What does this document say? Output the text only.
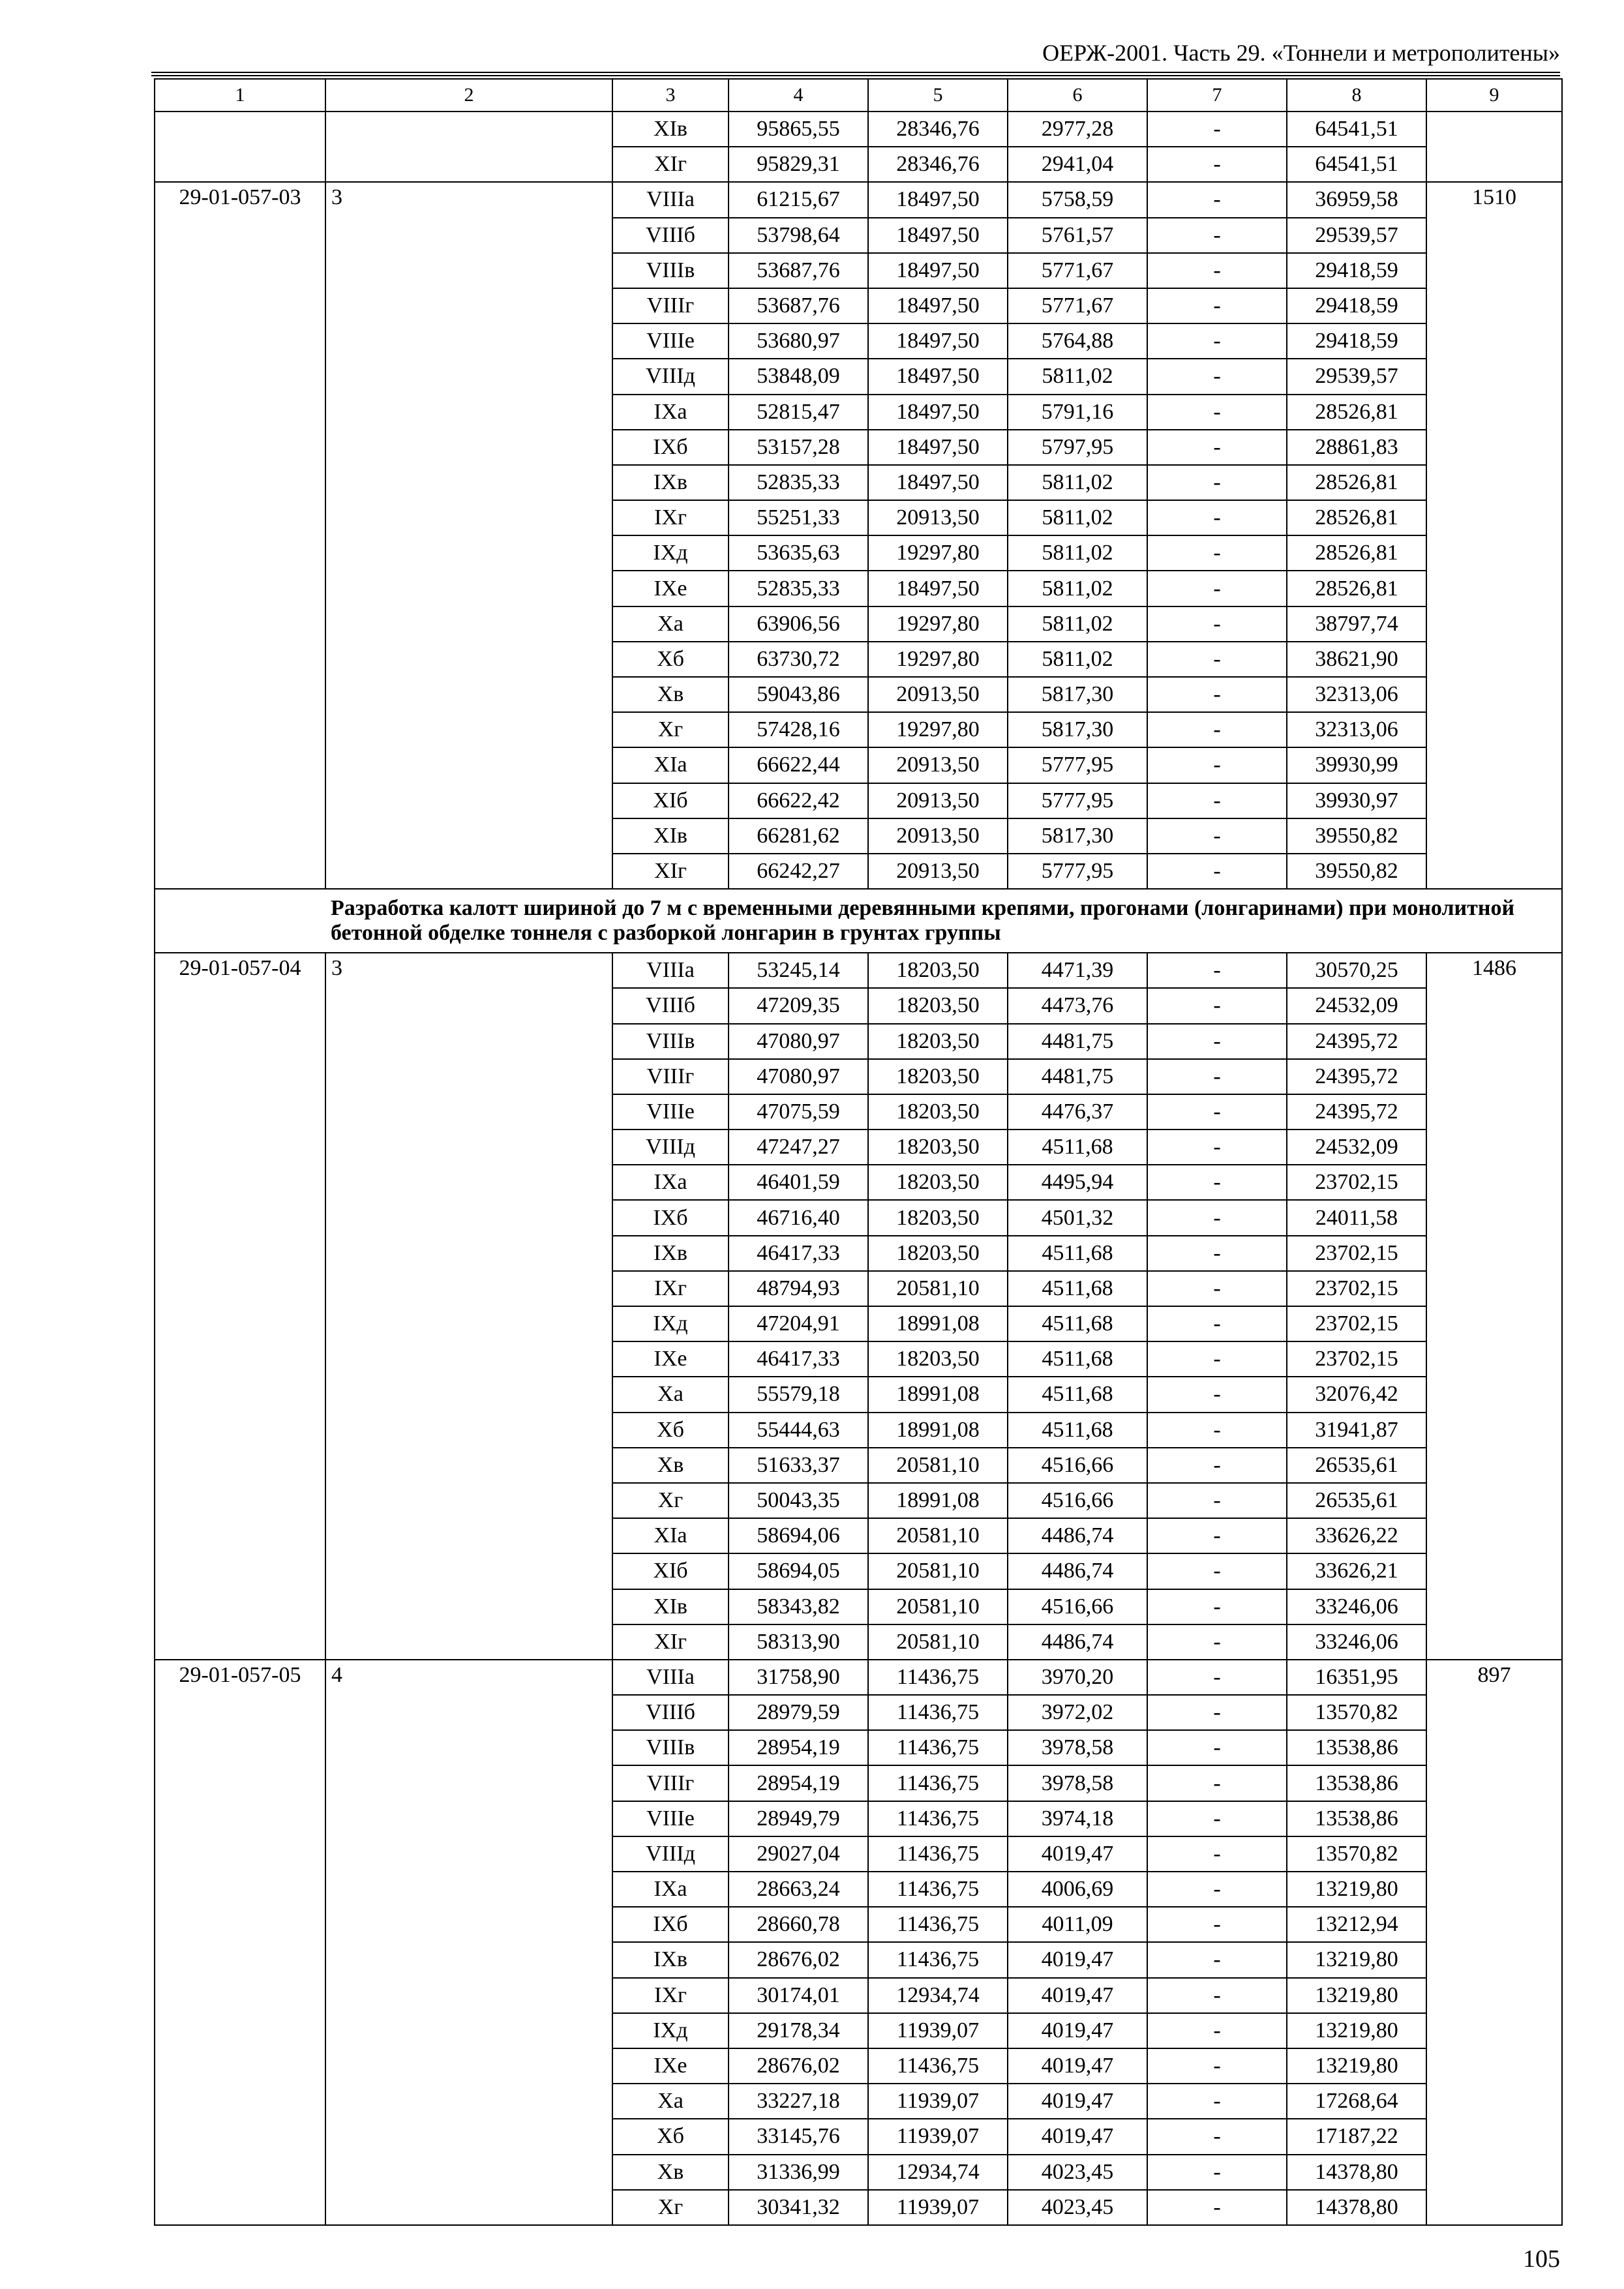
ОЕРЖ-2001. Часть 29. «Тоннели и метрополитены»
1	2	3	4	5	6	7	8	9
		XIв	95865,55	28346,76	2977,28	-	64541,51	
		XIг	95829,31	28346,76	2941,04	-	64541,51	
29-01-057-03	3	VIIIа	61215,67	18497,50	5758,59	-	36959,58	1510
		VIIIб	53798,64	18497,50	5761,57	-	29539,57	
		VIIIв	53687,76	18497,50	5771,67	-	29418,59	
		VIIIг	53687,76	18497,50	5771,67	-	29418,59	
		VIIIе	53680,97	18497,50	5764,88	-	29418,59	
		VIIIд	53848,09	18497,50	5811,02	-	29539,57	
		IXа	52815,47	18497,50	5791,16	-	28526,81	
		IXб	53157,28	18497,50	5797,95	-	28861,83	
		IXв	52835,33	18497,50	5811,02	-	28526,81	
		IXг	55251,33	20913,50	5811,02	-	28526,81	
		IXд	53635,63	19297,80	5811,02	-	28526,81	
		IXе	52835,33	18497,50	5811,02	-	28526,81	
		Xа	63906,56	19297,80	5811,02	-	38797,74	
		Xб	63730,72	19297,80	5811,02	-	38621,90	
		Xв	59043,86	20913,50	5817,30	-	32313,06	
		Xг	57428,16	19297,80	5817,30	-	32313,06	
		XIа	66622,44	20913,50	5777,95	-	39930,99	
		XIб	66622,42	20913,50	5777,95	-	39930,97	
		XIв	66281,62	20913,50	5817,30	-	39550,82	
		XIг	66242,27	20913,50	5777,95	-	39550,82	
	Разработка калотт шириной до 7 м с временными деревянными крепями, прогонами (лонгаринами) при монолитной бетонной обделке тоннеля с разборкой лонгарин в грунтах группы							
29-01-057-04	3	VIIIа	53245,14	18203,50	4471,39	-	30570,25	1486
		VIIIб	47209,35	18203,50	4473,76	-	24532,09	
		VIIIв	47080,97	18203,50	4481,75	-	24395,72	
		VIIIг	47080,97	18203,50	4481,75	-	24395,72	
		VIIIе	47075,59	18203,50	4476,37	-	24395,72	
		VIIIд	47247,27	18203,50	4511,68	-	24532,09	
		IXа	46401,59	18203,50	4495,94	-	23702,15	
		IXб	46716,40	18203,50	4501,32	-	24011,58	
		IXв	46417,33	18203,50	4511,68	-	23702,15	
		IXг	48794,93	20581,10	4511,68	-	23702,15	
		IXд	47204,91	18991,08	4511,68	-	23702,15	
		IXе	46417,33	18203,50	4511,68	-	23702,15	
		Xа	55579,18	18991,08	4511,68	-	32076,42	
		Xб	55444,63	18991,08	4511,68	-	31941,87	
		Xв	51633,37	20581,10	4516,66	-	26535,61	
		Xг	50043,35	18991,08	4516,66	-	26535,61	
		XIа	58694,06	20581,10	4486,74	-	33626,22	
		XIб	58694,05	20581,10	4486,74	-	33626,21	
		XIв	58343,82	20581,10	4516,66	-	33246,06	
		XIг	58313,90	20581,10	4486,74	-	33246,06	
29-01-057-05	4	VIIIа	31758,90	11436,75	3970,20	-	16351,95	897
		VIIIб	28979,59	11436,75	3972,02	-	13570,82	
		VIIIв	28954,19	11436,75	3978,58	-	13538,86	
		VIIIг	28954,19	11436,75	3978,58	-	13538,86	
		VIIIе	28949,79	11436,75	3974,18	-	13538,86	
		VIIIд	29027,04	11436,75	4019,47	-	13570,82	
		IXа	28663,24	11436,75	4006,69	-	13219,80	
		IXб	28660,78	11436,75	4011,09	-	13212,94	
		IXв	28676,02	11436,75	4019,47	-	13219,80	
		IXг	30174,01	12934,74	4019,47	-	13219,80	
		IXд	29178,34	11939,07	4019,47	-	13219,80	
		IXе	28676,02	11436,75	4019,47	-	13219,80	
		Xа	33227,18	11939,07	4019,47	-	17268,64	
		Xб	33145,76	11939,07	4019,47	-	17187,22	
		Xв	31336,99	12934,74	4023,45	-	14378,80	
		Xг	30341,32	11939,07	4023,45	-	14378,80	
105
